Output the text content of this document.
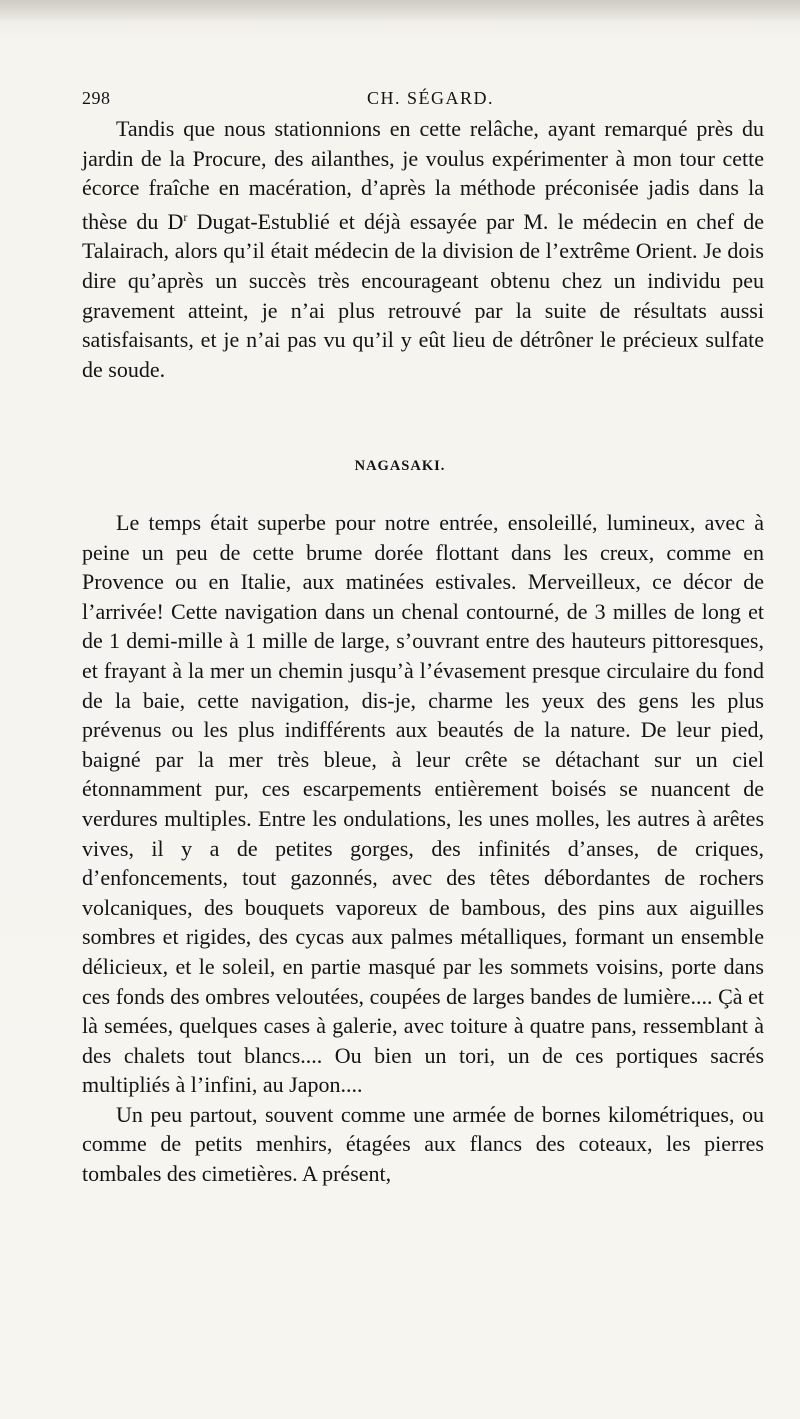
298	CH. SÉGARD.

Tandis que nous stationnions en cette relâche, ayant remarqué près du jardin de la Procure, des ailanthes, je voulus expérimenter à mon tour cette écorce fraîche en macération, d’après la méthode préconisée jadis dans la thèse du $D^r$ Dugat-Estublié et déjà essayée par M. le médecin en chef de Talairach, alors qu’il était médecin de la division de l’extrême Orient. Je dois dire qu’après un succès très encourageant obtenu chez un individu peu gravement atteint, je n’ai plus retrouvé par la suite de résultats aussi satisfaisants, et je n’ai pas vu qu’il y eût lieu de détrôner le précieux sulfate de soude.

NAGASAKI.

Le temps était superbe pour notre entrée, ensoleillé, lumineux, avec à peine un peu de cette brume dorée flottant dans les creux, comme en Provence ou en Italie, aux matinées estivales. Merveilleux, ce décor de l’arrivée! Cette navigation dans un chenal contourné, de 3 milles de long et de 1 demi-mille à 1 mille de large, s’ouvrant entre des hauteurs pittoresques, et frayant à la mer un chemin jusqu’à l’évasement presque circulaire du fond de la baie, cette navigation, dis-je, charme les yeux des gens les plus prévenus ou les plus indifférents aux beautés de la nature. De leur pied, baigné par la mer très bleue, à leur crête se détachant sur un ciel étonnamment pur, ces escarpements entièrement boisés se nuancent de verdures multiples. Entre les ondulations, les unes molles, les autres à arêtes vives, il y a de petites gorges, des infinités d’anses, de criques, d’enfoncements, tout gazonnés, avec des têtes débordantes de rochers volcaniques, des bouquets vaporeux de bambous, des pins aux aiguilles sombres et rigides, des cycas aux palmes métalliques, formant un ensemble délicieux, et le soleil, en partie masqué par les sommets voisins, porte dans ces fonds des ombres veloutées, coupées de larges bandes de lumière.... Çà et là semées, quelques cases à galerie, avec toiture à quatre pans, ressemblant à des chalets tout blancs.... Ou bien un tori, un de ces portiques sacrés multipliés à l’infini, au Japon....

Un peu partout, souvent comme une armée de bornes kilométriques, ou comme de petits menhirs, étagées aux flancs des coteaux, les pierres tombales des cimetières. A présent,
